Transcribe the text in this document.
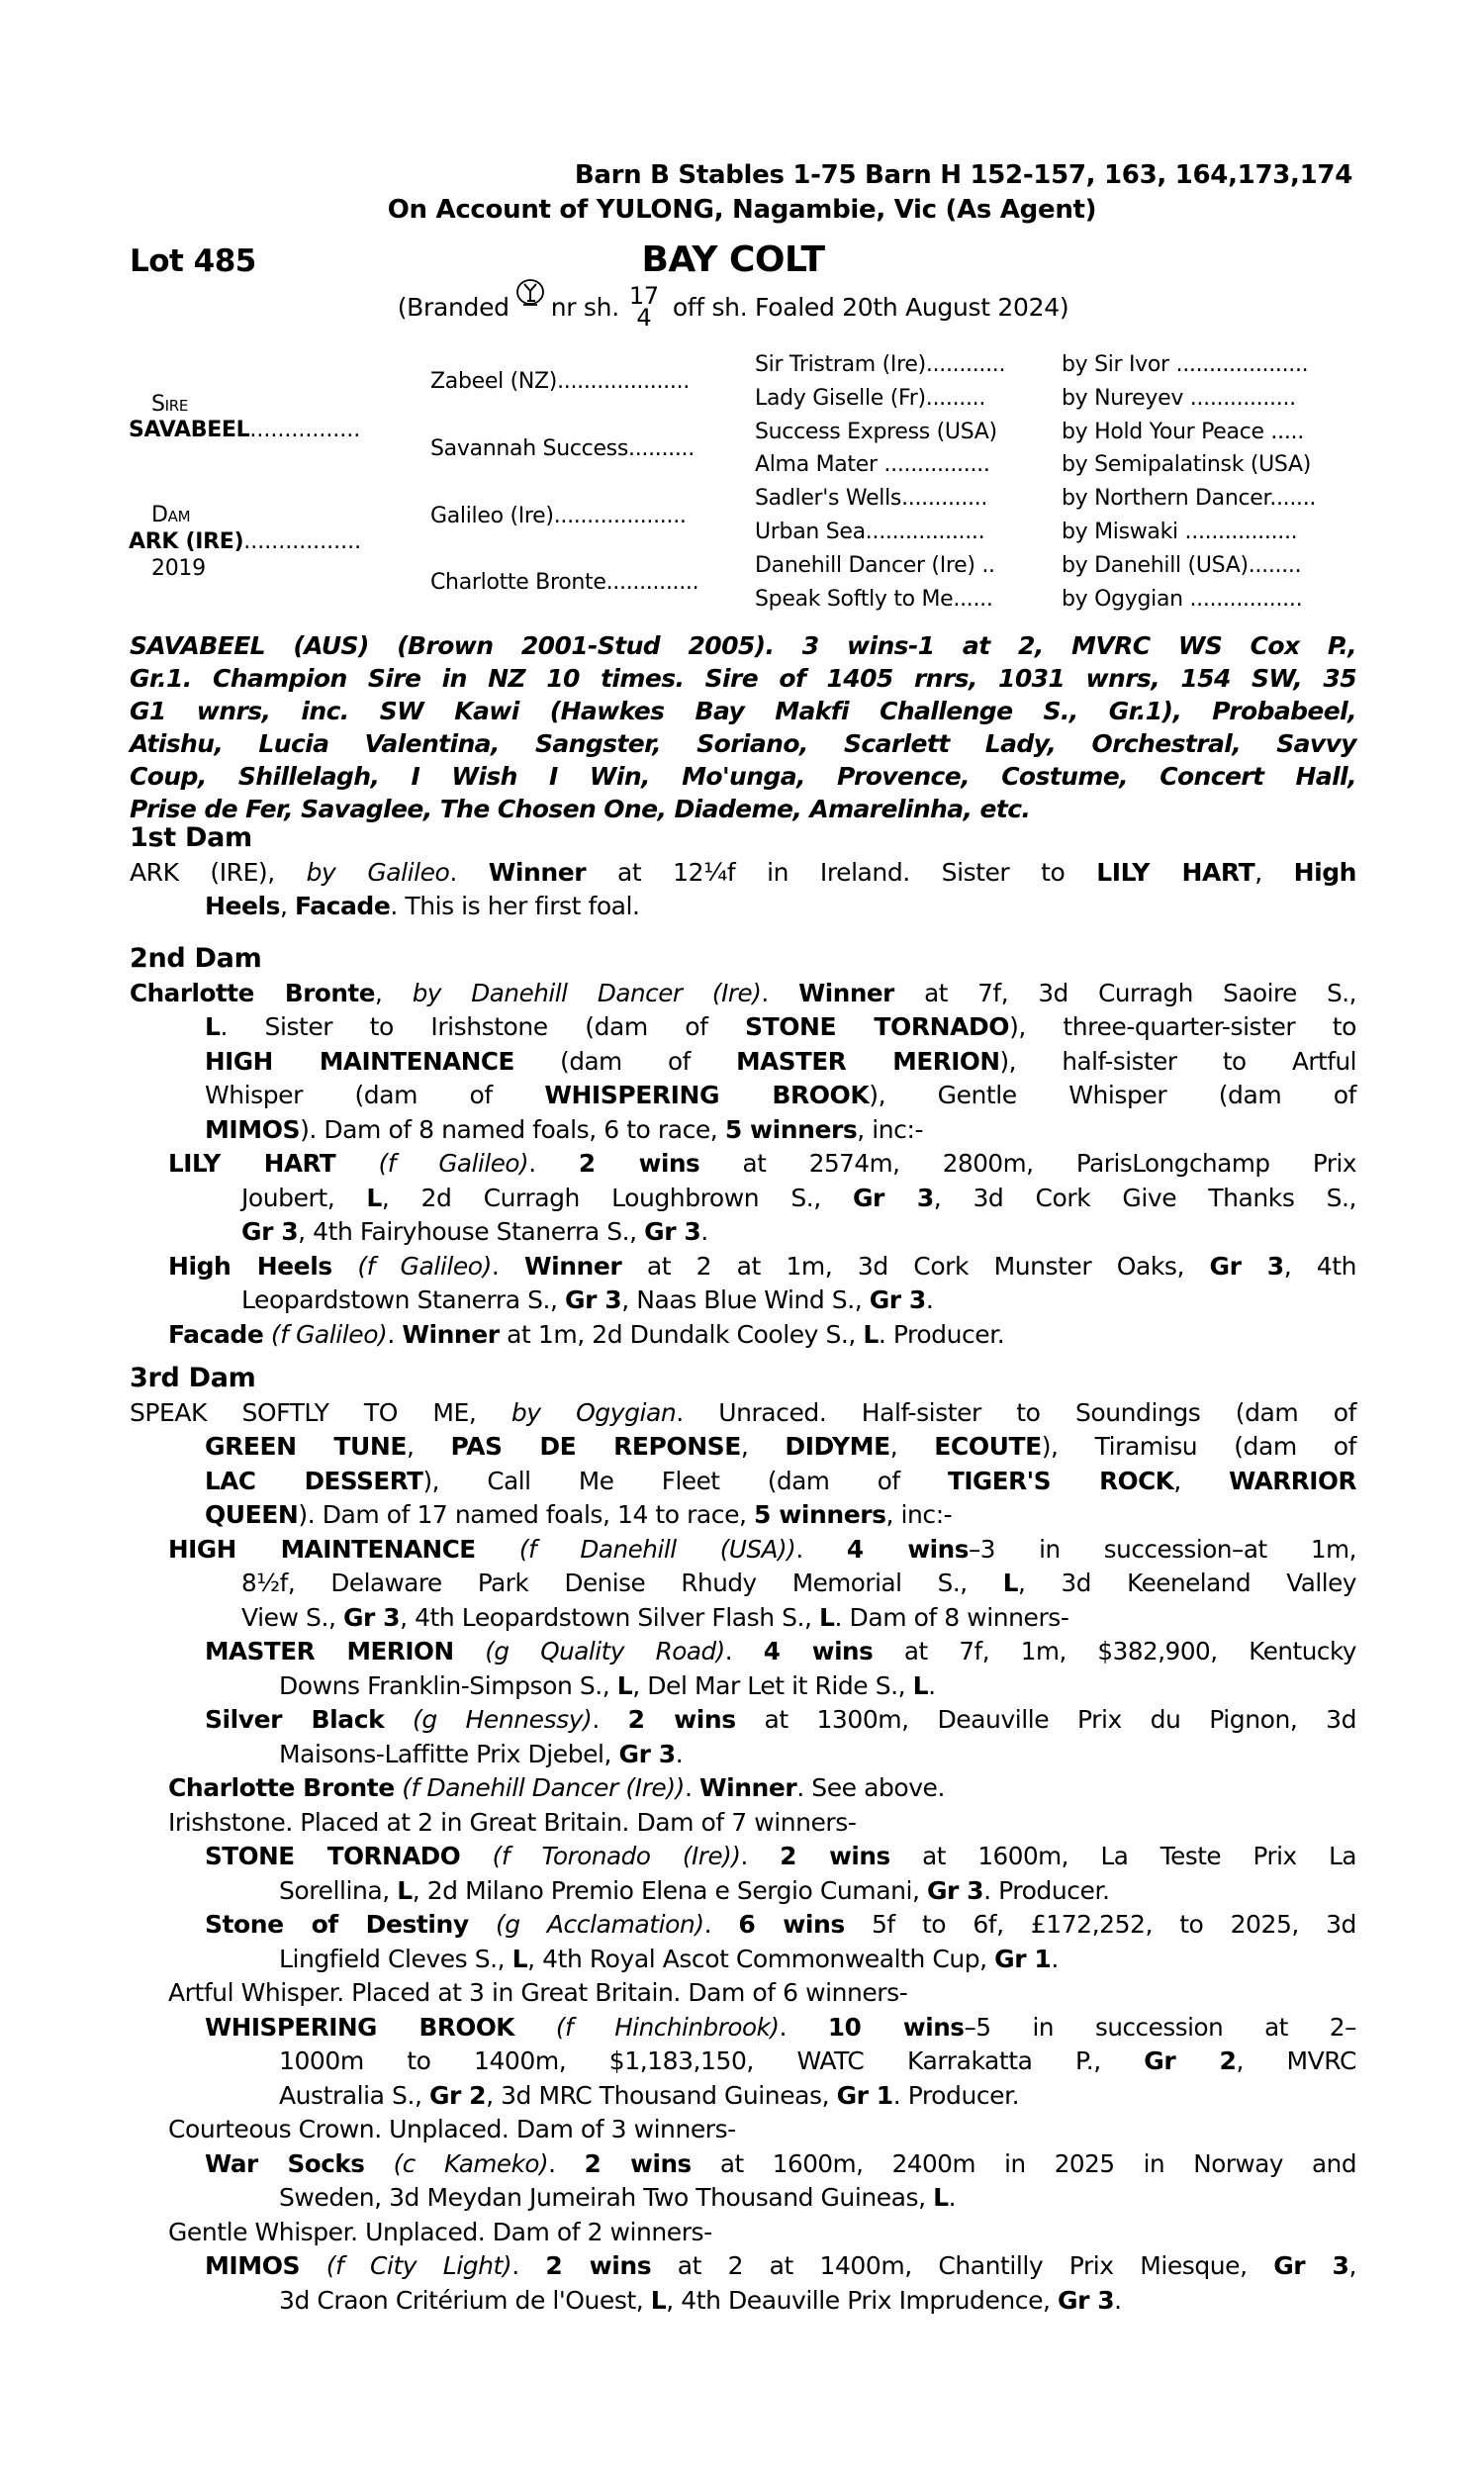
Barn B Stables 1-75 Barn H 152-157, 163, 164,173,174
On Account of YULONG, Nagambie, Vic (As Agent)
Lot 485	BAY COLT
(Branded nr sh. 17
4 off sh. Foaled 20th August 2024)
Sire
SAVABEEL................
Dam
ARK (IRE).................
2019
Zabeel (NZ)....................
Savannah Success..........
Galileo (Ire)....................
Charlotte Bronte..............
Sir Tristram (Ire)............
Lady Giselle (Fr).........
Success Express (USA)
Alma Mater ................
Sadler's Wells.............
Urban Sea..................
Danehill Dancer (Ire) ..
Speak Softly to Me......
by Sir Ivor ....................
by Nureyev ................
by Hold Your Peace .....
by Semipalatinsk (USA)
by Northern Dancer.......
by Miswaki .................
by Danehill (USA)........
by Ogygian .................
SAVABEEL (AUS) (Brown 2001-Stud 2005). 3 wins-1 at 2, MVRC WS Cox P.,
Gr.1. Champion Sire in NZ 10 times. Sire of 1405 rnrs, 1031 wnrs, 154 SW, 35
G1 wnrs, inc. SW Kawi (Hawkes Bay Makfi Challenge S., Gr.1), Probabeel,
Atishu, Lucia Valentina, Sangster, Soriano, Scarlett Lady, Orchestral, Savvy
Coup, Shillelagh, I Wish I Win, Mo'unga, Provence, Costume, Concert Hall,
Prise de Fer, Savaglee, The Chosen One, Diademe, Amarelinha, etc.
1st Dam
ARK (IRE), by Galileo. Winner at 12¼f in Ireland. Sister to LILY HART, High
Heels, Facade. This is her first foal.
2nd Dam
Charlotte Bronte, by Danehill Dancer (Ire). Winner at 7f, 3d Curragh Saoire S.,
L. Sister to Irishstone (dam of STONE TORNADO), three-quarter-sister to
HIGH MAINTENANCE (dam of MASTER MERION), half-sister to Artful
Whisper (dam of WHISPERING BROOK), Gentle Whisper (dam of
MIMOS). Dam of 8 named foals, 6 to race, 5 winners, inc:-
LILY HART (f Galileo). 2 wins at 2574m, 2800m, ParisLongchamp Prix
Joubert, L, 2d Curragh Loughbrown S., Gr 3, 3d Cork Give Thanks S.,
Gr 3, 4th Fairyhouse Stanerra S., Gr 3.
High Heels (f Galileo). Winner at 2 at 1m, 3d Cork Munster Oaks, Gr 3, 4th
Leopardstown Stanerra S., Gr 3, Naas Blue Wind S., Gr 3.
Facade (f Galileo). Winner at 1m, 2d Dundalk Cooley S., L. Producer.
3rd Dam
SPEAK SOFTLY TO ME, by Ogygian. Unraced. Half-sister to Soundings (dam of
GREEN TUNE, PAS DE REPONSE, DIDYME, ECOUTE), Tiramisu (dam of
LAC DESSERT), Call Me Fleet (dam of TIGER'S ROCK, WARRIOR
QUEEN). Dam of 17 named foals, 14 to race, 5 winners, inc:-
HIGH MAINTENANCE (f Danehill (USA)). 4 wins–3 in succession–at 1m,
8½f, Delaware Park Denise Rhudy Memorial S., L, 3d Keeneland Valley
View S., Gr 3, 4th Leopardstown Silver Flash S., L. Dam of 8 winners-
MASTER MERION (g Quality Road). 4 wins at 7f, 1m, $382,900, Kentucky
Downs Franklin-Simpson S., L, Del Mar Let it Ride S., L.
Silver Black (g Hennessy). 2 wins at 1300m, Deauville Prix du Pignon, 3d
Maisons-Laffitte Prix Djebel, Gr 3.
Charlotte Bronte (f Danehill Dancer (Ire)). Winner. See above.
Irishstone. Placed at 2 in Great Britain. Dam of 7 winners-
STONE TORNADO (f Toronado (Ire)). 2 wins at 1600m, La Teste Prix La
Sorellina, L, 2d Milano Premio Elena e Sergio Cumani, Gr 3. Producer.
Stone of Destiny (g Acclamation). 6 wins 5f to 6f, £172,252, to 2025, 3d
Lingfield Cleves S., L, 4th Royal Ascot Commonwealth Cup, Gr 1.
Artful Whisper. Placed at 3 in Great Britain. Dam of 6 winners-
WHISPERING BROOK (f Hinchinbrook). 10 wins–5 in succession at 2–
1000m to 1400m, $1,183,150, WATC Karrakatta P., Gr 2, MVRC
Australia S., Gr 2, 3d MRC Thousand Guineas, Gr 1. Producer.
Courteous Crown. Unplaced. Dam of 3 winners-
War Socks (c Kameko). 2 wins at 1600m, 2400m in 2025 in Norway and
Sweden, 3d Meydan Jumeirah Two Thousand Guineas, L.
Gentle Whisper. Unplaced. Dam of 2 winners-
MIMOS (f City Light). 2 wins at 2 at 1400m, Chantilly Prix Miesque, Gr 3,
3d Craon Critérium de l'Ouest, L, 4th Deauville Prix Imprudence, Gr 3.
